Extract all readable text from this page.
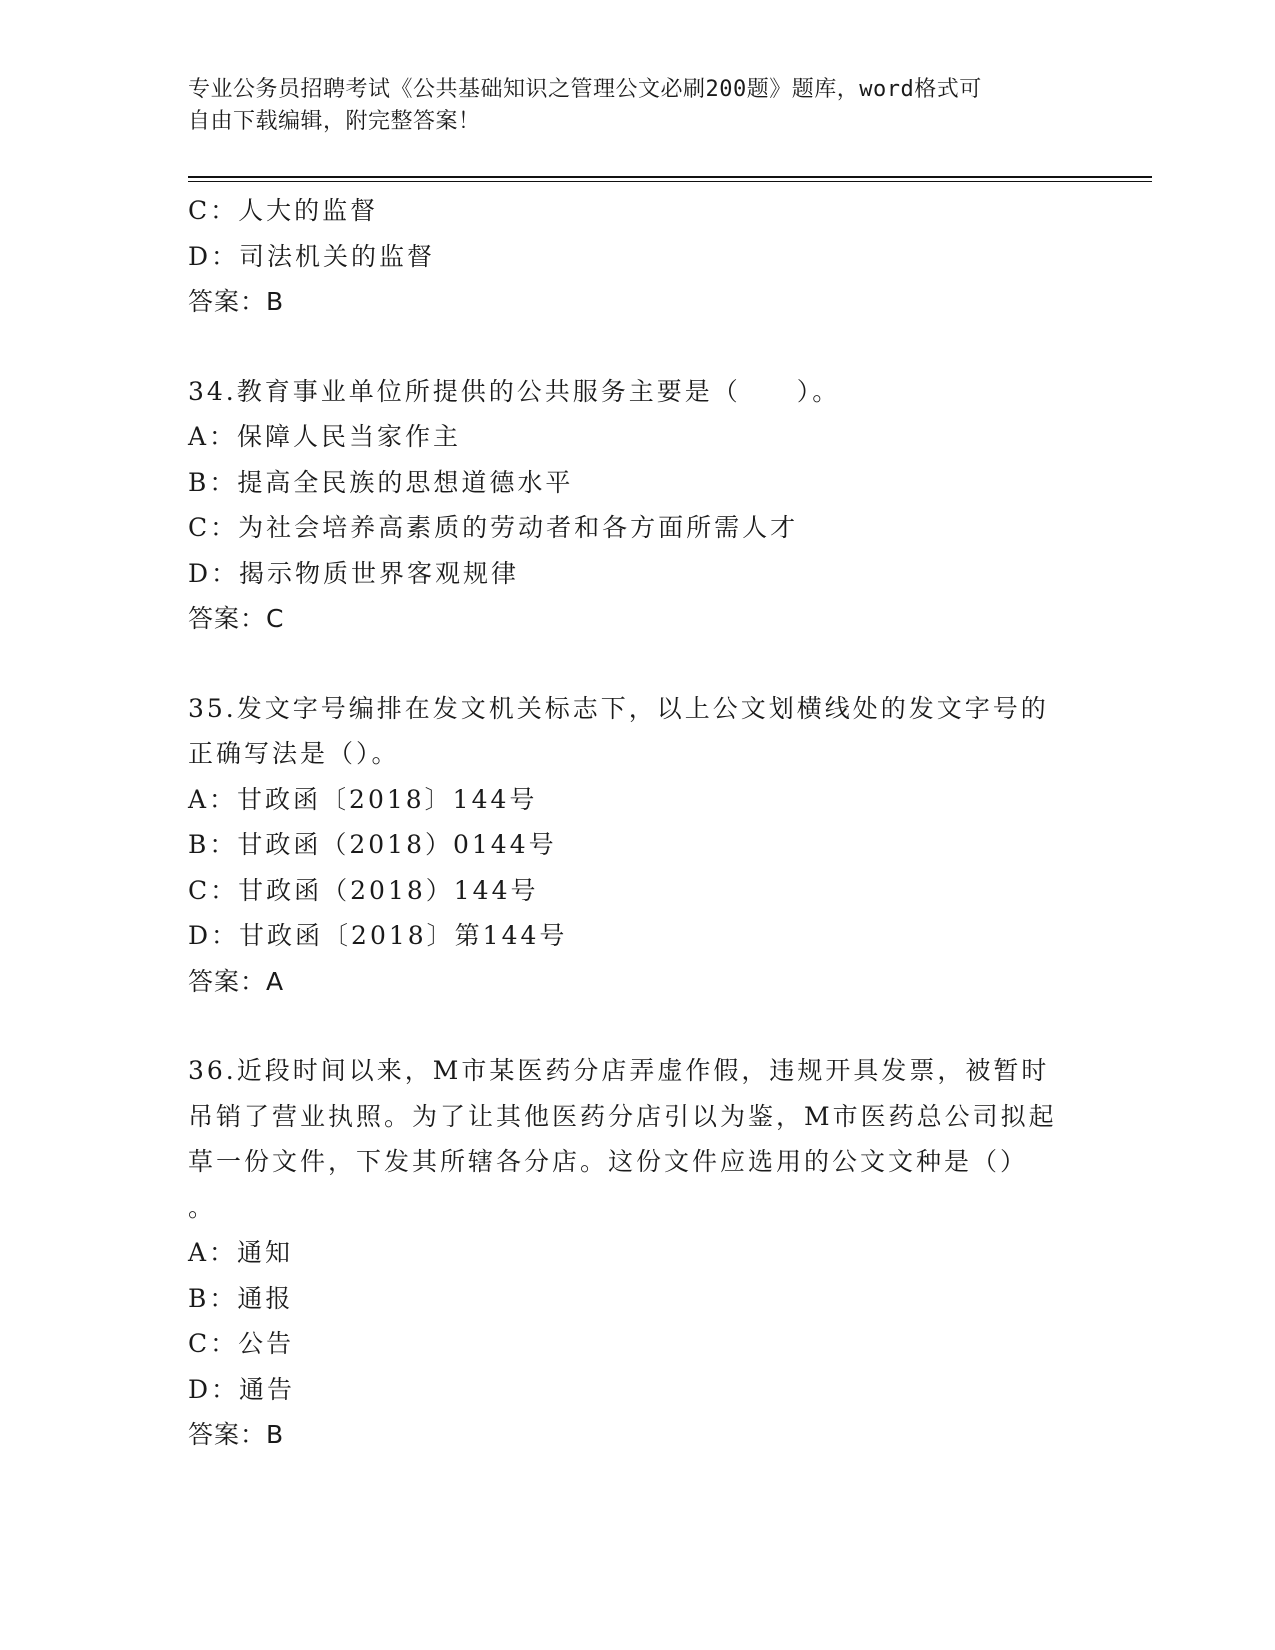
专业公务员招聘考试《公共基础知识之管理公文必刷200题》题库，word格式可
自由下载编辑，附完整答案！
C：人大的监督
D：司法机关的监督
答案：B
34.教育事业单位所提供的公共服务主要是（　　）。
A：保障人民当家作主
B：提高全民族的思想道德水平
C：为社会培养高素质的劳动者和各方面所需人才
D：揭示物质世界客观规律
答案：C
35.发文字号编排在发文机关标志下，以上公文划横线处的发文字号的
正确写法是（）。
A：甘政函〔2018〕144号
B：甘政函（2018）0144号
C：甘政函（2018）144号
D：甘政函〔2018〕第144号
答案：A
36.近段时间以来，M市某医药分店弄虚作假，违规开具发票，被暂时
吊销了营业执照。为了让其他医药分店引以为鉴，M市医药总公司拟起
草一份文件，下发其所辖各分店。这份文件应选用的公文文种是（）
。
A：通知
B：通报
C：公告
D：通告
答案：B
